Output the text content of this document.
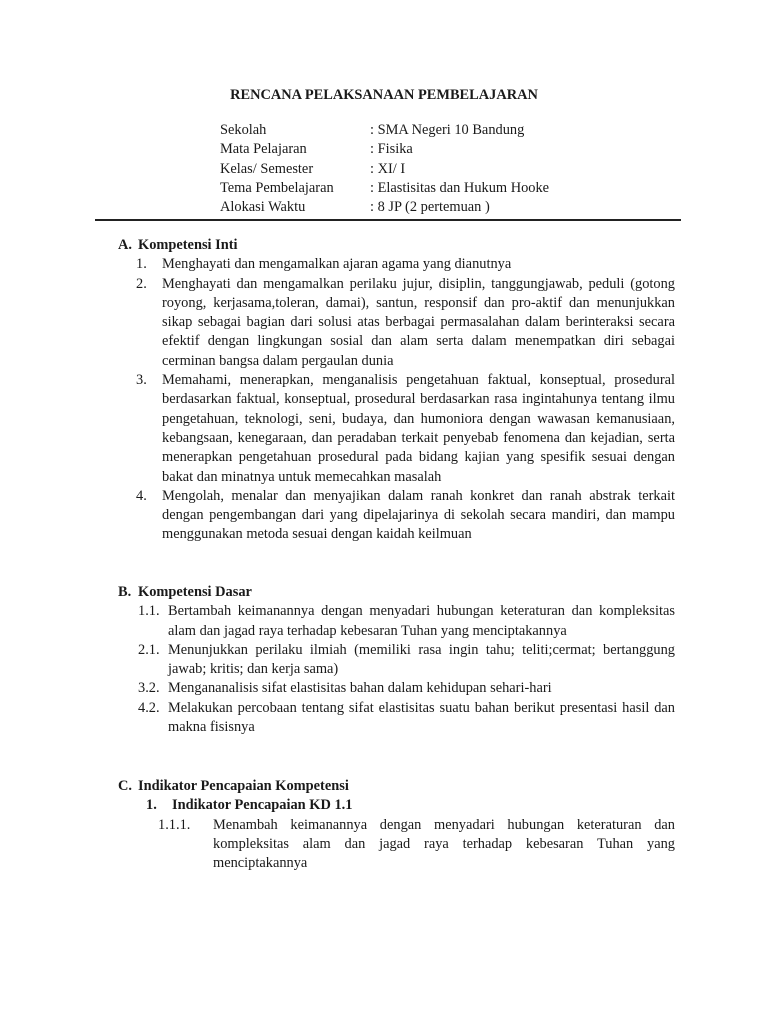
RENCANA PELAKSANAAN PEMBELAJARAN
Sekolah	: SMA Negeri 10 Bandung
Mata Pelajaran	: Fisika
Kelas/ Semester	: XI/ I
Tema Pembelajaran	: Elastisitas dan Hukum Hooke
Alokasi Waktu	: 8 JP (2 pertemuan )
A. Kompetensi Inti
1. Menghayati dan mengamalkan ajaran agama yang dianutnya
2. Menghayati dan mengamalkan perilaku jujur, disiplin, tanggungjawab, peduli (gotong royong, kerjasama,toleran, damai), santun, responsif dan pro-aktif dan menunjukkan sikap sebagai bagian dari solusi atas berbagai permasalahan dalam berinteraksi secara efektif dengan lingkungan sosial dan alam serta dalam menempatkan diri sebagai cerminan bangsa dalam pergaulan dunia
3. Memahami, menerapkan, menganalisis pengetahuan faktual, konseptual, prosedural berdasarkan faktual, konseptual, prosedural berdasarkan rasa ingintahunya tentang ilmu pengetahuan, teknologi, seni, budaya, dan humoniora dengan wawasan kemanusiaan, kebangsaan, kenegaraan, dan peradaban terkait penyebab fenomena dan kejadian, serta menerapkan pengetahuan prosedural pada bidang kajian yang spesifik sesuai dengan bakat dan minatnya untuk memecahkan masalah
4. Mengolah, menalar dan menyajikan dalam ranah konkret dan ranah abstrak terkait dengan pengembangan dari yang dipelajarinya di sekolah secara mandiri, dan mampu menggunakan metoda sesuai dengan kaidah keilmuan
B. Kompetensi Dasar
1.1. Bertambah keimanannya dengan menyadari hubungan keteraturan dan kompleksitas alam dan jagad raya terhadap kebesaran Tuhan yang menciptakannya
2.1. Menunjukkan perilaku ilmiah (memiliki rasa ingin tahu; teliti;cermat; bertanggung jawab; kritis; dan kerja sama)
3.2. Mengananalisis sifat elastisitas bahan dalam kehidupan sehari-hari
4.2. Melakukan percobaan tentang sifat elastisitas suatu bahan berikut presentasi hasil dan makna fisisnya
C. Indikator Pencapaian Kompetensi
1.	Indikator Pencapaian KD 1.1
1.1.1. Menambah keimanannya dengan menyadari hubungan keteraturan dan kompleksitas alam dan jagad raya terhadap kebesaran Tuhan yang menciptakannya
